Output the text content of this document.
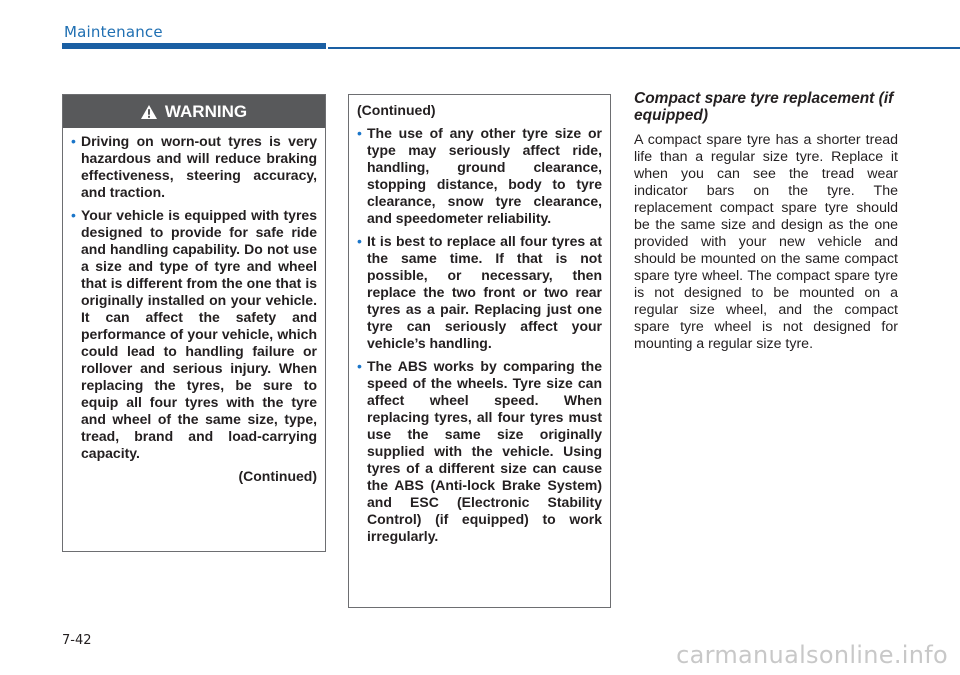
Maintenance
WARNING
• Driving on worn-out tyres is very hazardous and will reduce braking effectiveness, steering accuracy, and traction.

• Your vehicle is equipped with tyres designed to provide for safe ride and handling capability. Do not use a size and type of tyre and wheel that is different from the one that is originally installed on your vehicle. It can affect the safety and performance of your vehicle, which could lead to handling failure or rollover and serious injury. When replacing the tyres, be sure to equip all four tyres with the tyre and wheel of the same size, type, tread, brand and load-carrying capacity.

(Continued)

(Continued)

• The use of any other tyre size or type may seriously affect ride, handling, ground clearance, stopping distance, body to tyre clearance, snow tyre clearance, and speedometer reliability.

• It is best to replace all four tyres at the same time. If that is not possible, or necessary, then replace the two front or two rear tyres as a pair. Replacing just one tyre can seriously affect your vehicle’s handling.

• The ABS works by comparing the speed of the wheels. Tyre size can affect wheel speed. When replacing tyres, all four tyres must use the same size originally supplied with the vehicle. Using tyres of a different size can cause the ABS (Anti-lock Brake System) and ESC (Electronic Stability Control) (if equipped) to work irregularly.

Compact spare tyre replacement (if equipped)

A compact spare tyre has a shorter tread life than a regular size tyre. Replace it when you can see the tread wear indicator bars on the tyre. The replacement compact spare tyre should be the same size and design as the one provided with your new vehicle and should be mounted on the same compact spare tyre wheel. The compact spare tyre is not designed to be mounted on a regular size wheel, and the compact spare tyre wheel is not designed for mounting a regular size tyre.

7-42
carmanualsonline.info
